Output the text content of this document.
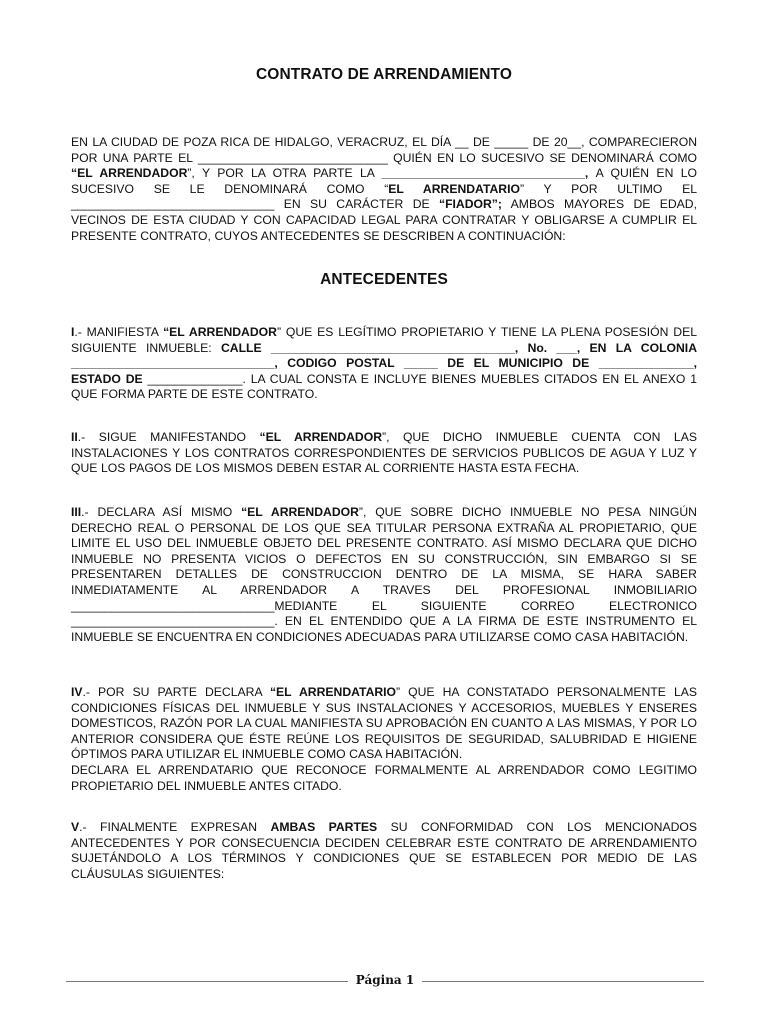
CONTRATO DE ARRENDAMIENTO

EN LA CIUDAD DE POZA RICA DE HIDALGO, VERACRUZ, EL DÍA __ DE _____ DE 20__, COMPARECIERON POR UNA PARTE EL ____________________________ QUIÉN EN LO SUCESIVO SE DENOMINARÁ COMO “EL ARRENDADOR”, Y POR LA OTRA PARTE LA ______________________________, A QUIÉN EN LO SUCESIVO SE LE DENOMINARÁ COMO “EL ARRENDATARIO” Y POR ULTIMO EL ______________________________ EN SU CARÁCTER DE “FIADOR”; AMBOS MAYORES DE EDAD, VECINOS DE ESTA CIUDAD Y CON CAPACIDAD LEGAL PARA CONTRATAR Y OBLIGARSE A CUMPLIR EL PRESENTE CONTRATO, CUYOS ANTECEDENTES SE DESCRIBEN A CONTINUACIÓN:

ANTECEDENTES

I.- MANIFIESTA “EL ARRENDADOR” QUE ES LEGÍTIMO PROPIETARIO Y TIENE LA PLENA POSESIÓN DEL SIGUIENTE INMUEBLE: CALLE ____________________________________, No. ___, EN LA COLONIA ______________________________, CODIGO POSTAL _____ DE EL MUNICIPIO DE ______________, ESTADO DE ______________. LA CUAL CONSTA E INCLUYE BIENES MUEBLES CITADOS EN EL ANEXO 1 QUE FORMA PARTE DE ESTE CONTRATO.

II.- SIGUE MANIFESTANDO “EL ARRENDADOR”, QUE DICHO INMUEBLE CUENTA CON LAS INSTALACIONES Y LOS CONTRATOS CORRESPONDIENTES DE SERVICIOS PUBLICOS DE AGUA Y LUZ Y QUE LOS PAGOS DE LOS MISMOS DEBEN ESTAR AL CORRIENTE HASTA ESTA FECHA.

III.- DECLARA ASÍ MISMO “EL ARRENDADOR”, QUE SOBRE DICHO INMUEBLE NO PESA NINGÚN DERECHO REAL O PERSONAL DE LOS QUE SEA TITULAR PERSONA EXTRAÑA AL PROPIETARIO, QUE LIMITE EL USO DEL INMUEBLE OBJETO DEL PRESENTE CONTRATO. ASÍ MISMO DECLARA QUE DICHO INMUEBLE NO PRESENTA VICIOS O DEFECTOS EN SU CONSTRUCCIÓN, SIN EMBARGO SI SE PRESENTAREN DETALLES DE CONSTRUCCION DENTRO DE LA MISMA, SE HARA SABER INMEDIATAMENTE AL ARRENDADOR A TRAVES DEL PROFESIONAL INMOBILIARIO ______________________________MEDIANTE EL SIGUIENTE CORREO ELECTRONICO ______________________________. EN EL ENTENDIDO QUE A LA FIRMA DE ESTE INSTRUMENTO EL INMUEBLE SE ENCUENTRA EN CONDICIONES ADECUADAS PARA UTILIZARSE COMO CASA HABITACIÓN.

IV.- POR SU PARTE DECLARA “EL ARRENDATARIO” QUE HA CONSTATADO PERSONALMENTE LAS CONDICIONES FÍSICAS DEL INMUEBLE Y SUS INSTALACIONES Y ACCESORIOS, MUEBLES Y ENSERES DOMESTICOS, RAZÓN POR LA CUAL MANIFIESTA SU APROBACIÓN EN CUANTO A LAS MISMAS, Y POR LO ANTERIOR CONSIDERA QUE ÉSTE REÚNE LOS REQUISITOS DE SEGURIDAD, SALUBRIDAD E HIGIENE ÓPTIMOS PARA UTILIZAR EL INMUEBLE COMO CASA HABITACIÓN.

DECLARA EL ARRENDATARIO QUE RECONOCE FORMALMENTE AL ARRENDADOR COMO LEGITIMO PROPIETARIO DEL INMUEBLE ANTES CITADO.

V.- FINALMENTE EXPRESAN AMBAS PARTES SU CONFORMIDAD CON LOS MENCIONADOS ANTECEDENTES Y POR CONSECUENCIA DECIDEN CELEBRAR ESTE CONTRATO DE ARRENDAMIENTO SUJETÁNDOLO A LOS TÉRMINOS Y CONDICIONES QUE SE ESTABLECEN POR MEDIO DE LAS CLÁUSULAS SIGUIENTES:

Página 1
